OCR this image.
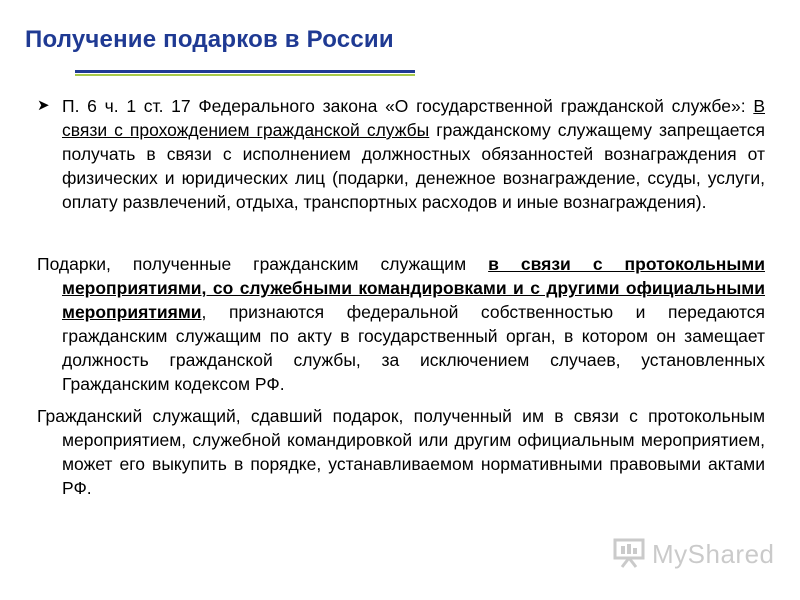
Получение подарков в России
➤ П. 6 ч. 1 ст. 17 Федерального закона «О государственной гражданской службе»: В связи с прохождением гражданской службы гражданскому служащему запрещается получать в связи с исполнением должностных обязанностей вознаграждения от физических и юридических лиц (подарки, денежное вознаграждение, ссуды, услуги, оплату развлечений, отдыха, транспортных расходов и иные вознаграждения).
Подарки, полученные гражданским служащим в связи с протокольными мероприятиями, со служебными командировками и с другими официальными мероприятиями, признаются федеральной собственностью и передаются гражданским служащим по акту в государственный орган, в котором он замещает должность гражданской службы, за исключением случаев, установленных Гражданским кодексом РФ.
Гражданский служащий, сдавший подарок, полученный им в связи с протокольным мероприятием, служебной командировкой или другим официальным мероприятием, может его выкупить в порядке, устанавливаемом нормативными правовыми актами РФ.
MyShared
